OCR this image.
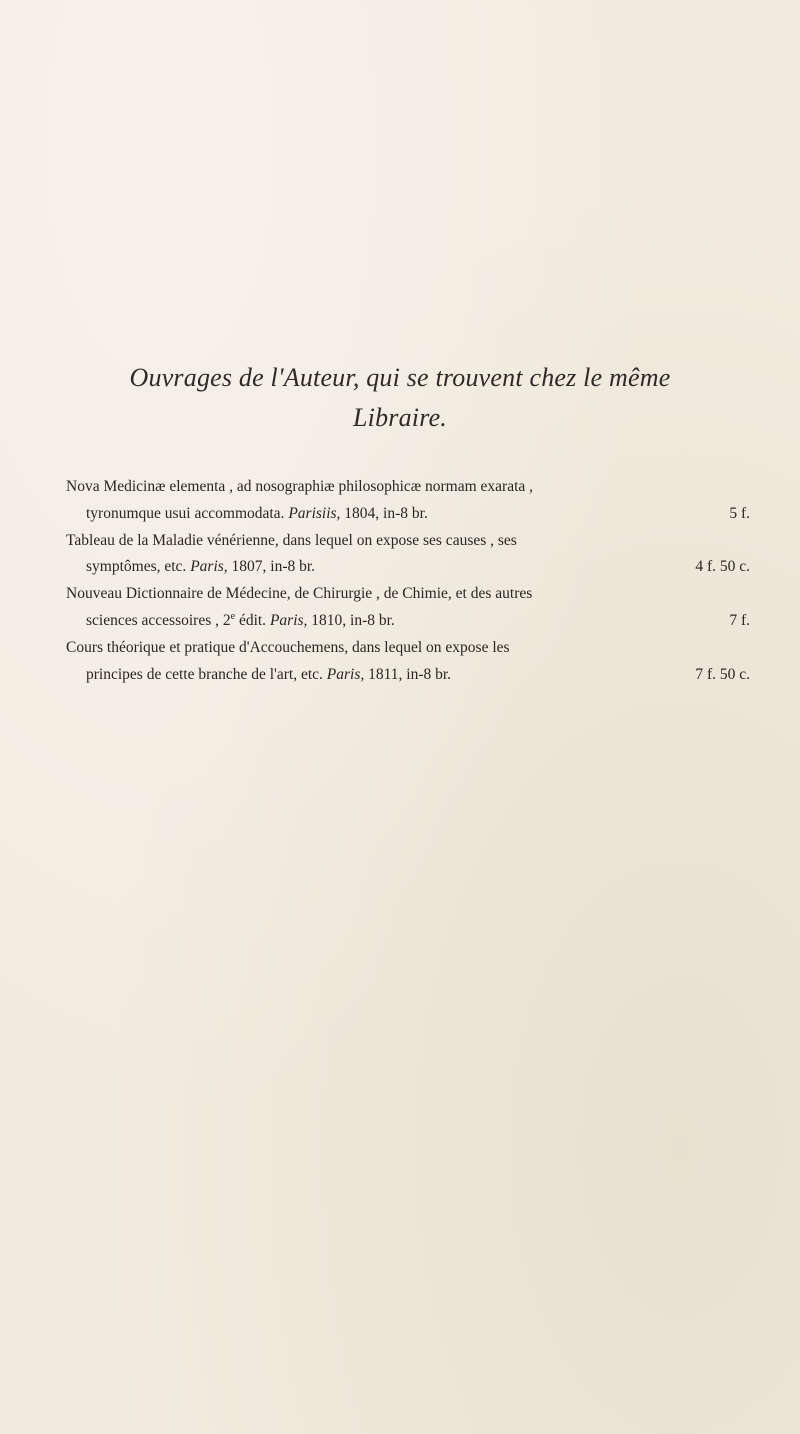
Ouvrages de l'Auteur, qui se trouvent chez le même
Libraire.
Nova Medicinæ elementa , ad nosographiæ philosophicæ normam exarata ,
tyronumque usui accommodata. Parisiis, 1804, in-8 br.	5 f.
Tableau de la Maladie vénérienne, dans lequel on expose ses causes , ses
symptômes, etc. Paris, 1807, in-8 br.	4 f. 50 c.
Nouveau Dictionnaire de Médecine, de Chirurgie , de Chimie, et des autres
sciences accessoires , 2e édit. Paris, 1810, in-8 br.	7 f.
Cours théorique et pratique d'Accouchemens, dans lequel on expose les
principes de cette branche de l'art, etc. Paris, 1811, in-8 br.	7 f. 50 c.
